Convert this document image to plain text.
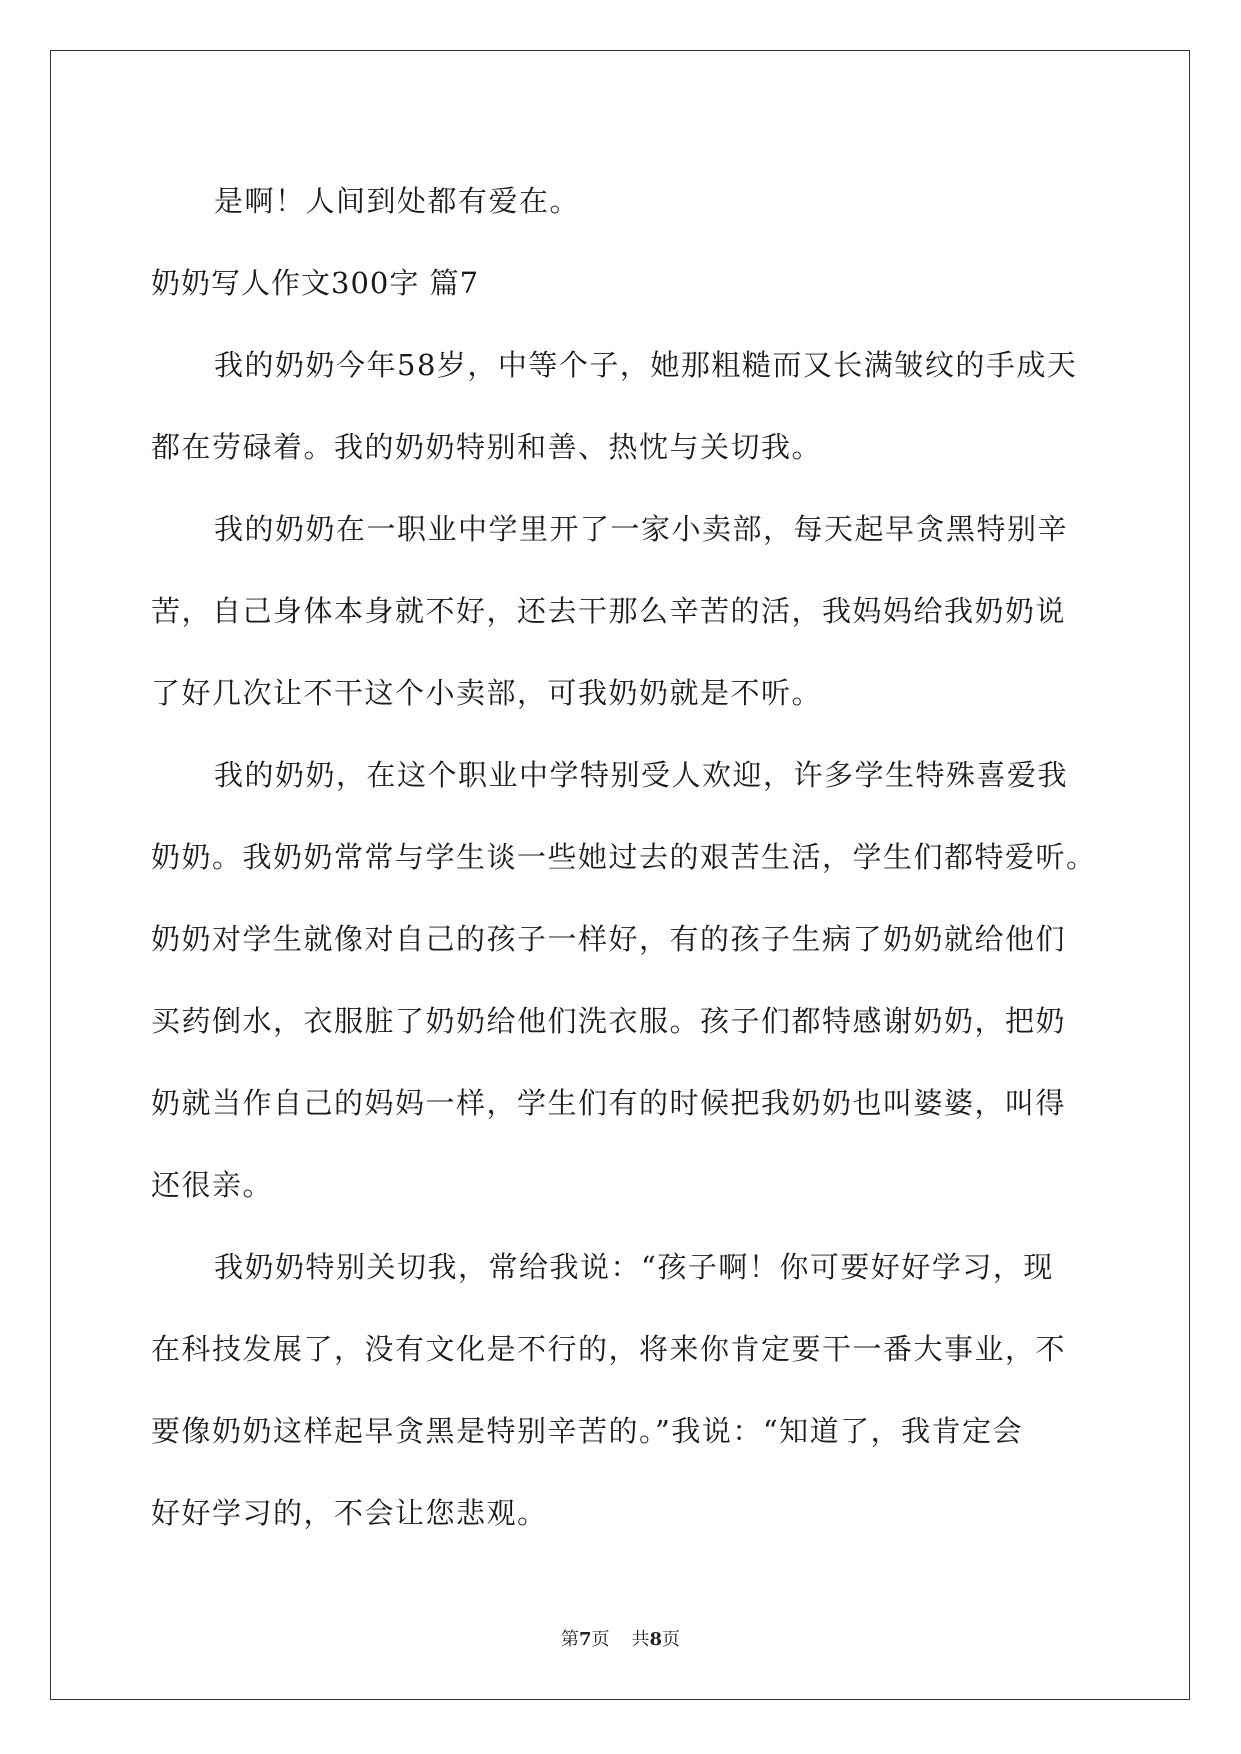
是啊！人间到处都有爱在。
奶奶写人作文300字 篇7
我的奶奶今年58岁，中等个子，她那粗糙而又长满皱纹的手成天
都在劳碌着。我的奶奶特别和善、热忱与关切我。
我的奶奶在一职业中学里开了一家小卖部，每天起早贪黑特别辛
苦，自己身体本身就不好，还去干那么辛苦的活，我妈妈给我奶奶说
了好几次让不干这个小卖部，可我奶奶就是不听。
我的奶奶，在这个职业中学特别受人欢迎，许多学生特殊喜爱我
奶奶。我奶奶常常与学生谈一些她过去的艰苦生活，学生们都特爱听。
奶奶对学生就像对自己的孩子一样好，有的孩子生病了奶奶就给他们
买药倒水，衣服脏了奶奶给他们洗衣服。孩子们都特感谢奶奶，把奶
奶就当作自己的妈妈一样，学生们有的时候把我奶奶也叫婆婆，叫得
还很亲。
我奶奶特别关切我，常给我说：“孩子啊！你可要好好学习，现
在科技发展了，没有文化是不行的，将来你肯定要干一番大事业，不
要像奶奶这样起早贪黑是特别辛苦的。”我说：“知道了，我肯定会
好好学习的，不会让您悲观。
第7页 共8页
